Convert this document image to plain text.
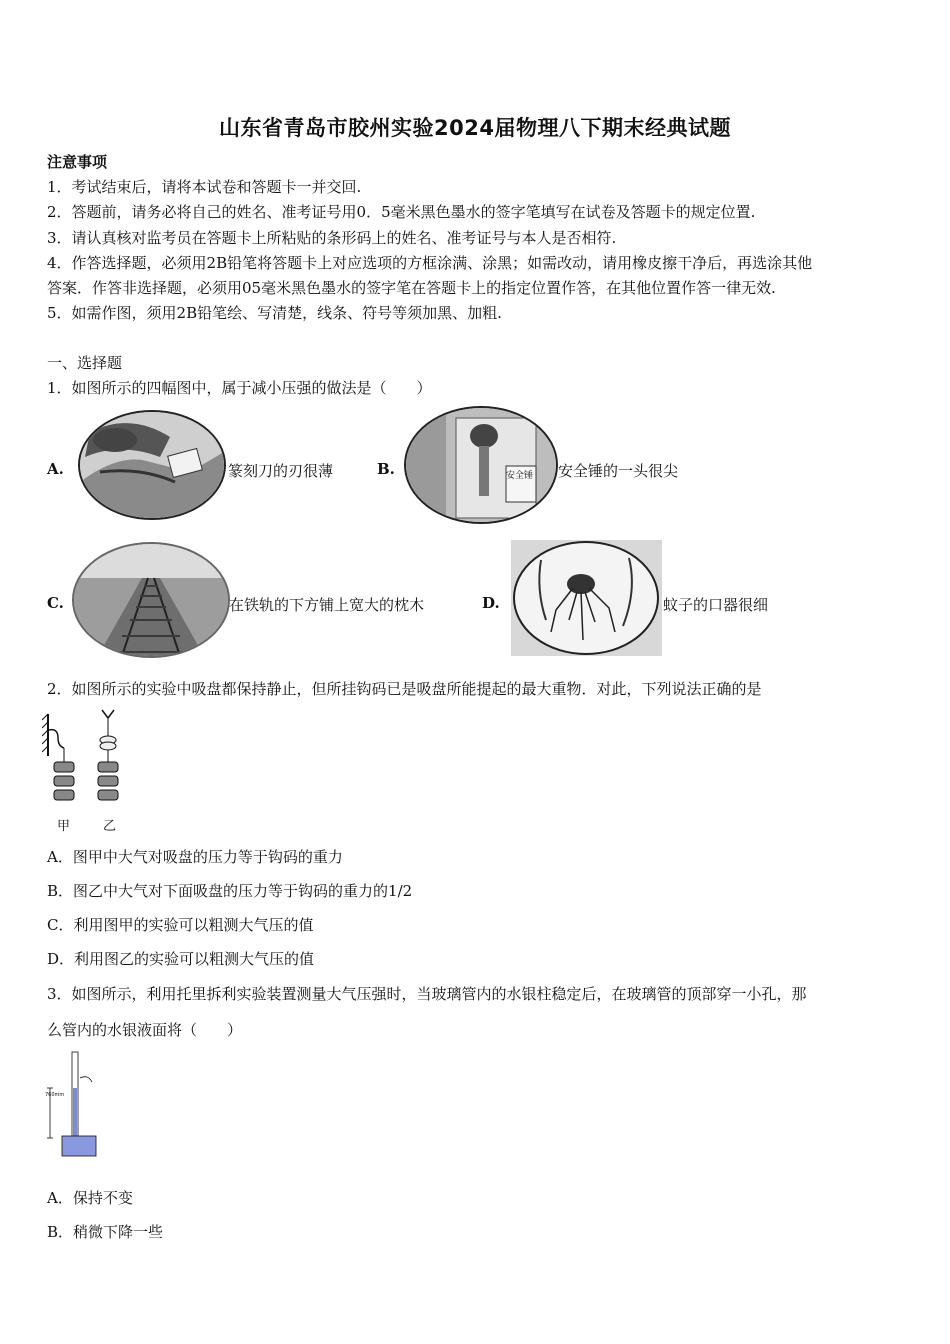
山东省青岛市胶州实验2024届物理八下期末经典试题
注意事项
1．考试结束后，请将本试卷和答题卡一并交回.
2．答题前，请务必将自己的姓名、准考证号用0．5毫米黑色墨水的签字笔填写在试卷及答题卡的规定位置.
3．请认真核对监考员在答题卡上所粘贴的条形码上的姓名、准考证号与本人是否相符.
4．作答选择题，必须用2B铅笔将答题卡上对应选项的方框涂满、涂黑；如需改动，请用橡皮擦干净后，再选涂其他
答案．作答非选择题，必须用05毫米黑色墨水的签字笔在答题卡上的指定位置作答，在其他位置作答一律无效.
5．如需作图，须用2B铅笔绘、写清楚，线条、符号等须加黑、加粗.
一、选择题
1．如图所示的四幅图中，属于减小压强的做法是（　　）
A.	篆刻刀的刃很薄	B.	安全锤 安全锤的一头很尖
C.	在铁轨的下方铺上宽大的枕木	D.	蚊子的口器很细
2．如图所示的实验中吸盘都保持静止，但所挂钩码已是吸盘所能提起的最大重物．对此，下列说法正确的是
甲	乙
A．图甲中大气对吸盘的压力等于钩码的重力
B．图乙中大气对下面吸盘的压力等于钩码的重力的1/2
C．利用图甲的实验可以粗测大气压的值
D．利用图乙的实验可以粗测大气压的值
3．如图所示，利用托里拆利实验装置测量大气压强时，当玻璃管内的水银柱稳定后，在玻璃管的顶部穿一小孔，那
么管内的水银液面将（　　）
760mm
A．保持不变
B．稍微下降一些
